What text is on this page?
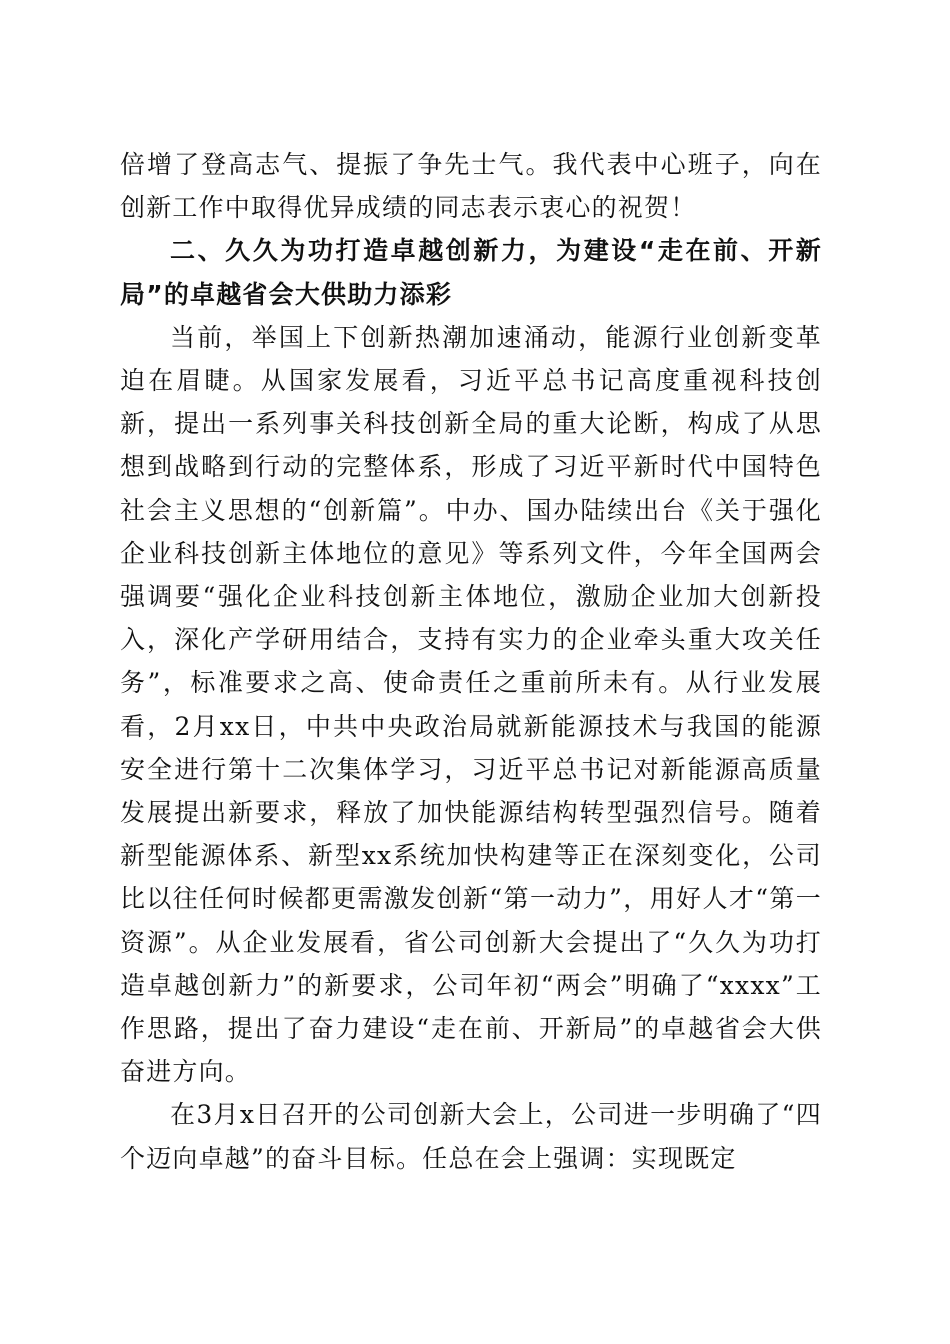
倍增了登高志气、提振了争先士气。我代表中心班子，向在创新工作中取得优异成绩的同志表示衷心的祝贺！

二、久久为功打造卓越创新力，为建设“走在前、开新局”的卓越省会大供助力添彩

当前，举国上下创新热潮加速涌动，能源行业创新变革迫在眉睫。从国家发展看，习近平总书记高度重视科技创新，提出一系列事关科技创新全局的重大论断，构成了从思想到战略到行动的完整体系，形成了习近平新时代中国特色社会主义思想的“创新篇”。中办、国办陆续出台《关于强化企业科技创新主体地位的意见》等系列文件，今年全国两会强调要“强化企业科技创新主体地位，激励企业加大创新投入，深化产学研用结合，支持有实力的企业牵头重大攻关任务”，标准要求之高、使命责任之重前所未有。从行业发展看，2月xx日，中共中央政治局就新能源技术与我国的能源安全进行第十二次集体学习，习近平总书记对新能源高质量发展提出新要求，释放了加快能源结构转型强烈信号。随着新型能源体系、新型xx系统加快构建等正在深刻变化，公司比以往任何时候都更需激发创新“第一动力”，用好人才“第一资源”。从企业发展看，省公司创新大会提出了“久久为功打造卓越创新力”的新要求，公司年初“两会”明确了“xxxx”工作思路，提出了奋力建设“走在前、开新局”的卓越省会大供奋进方向。

在3月x日召开的公司创新大会上，公司进一步明确了“四个迈向卓越”的奋斗目标。任总在会上强调：实现既定
